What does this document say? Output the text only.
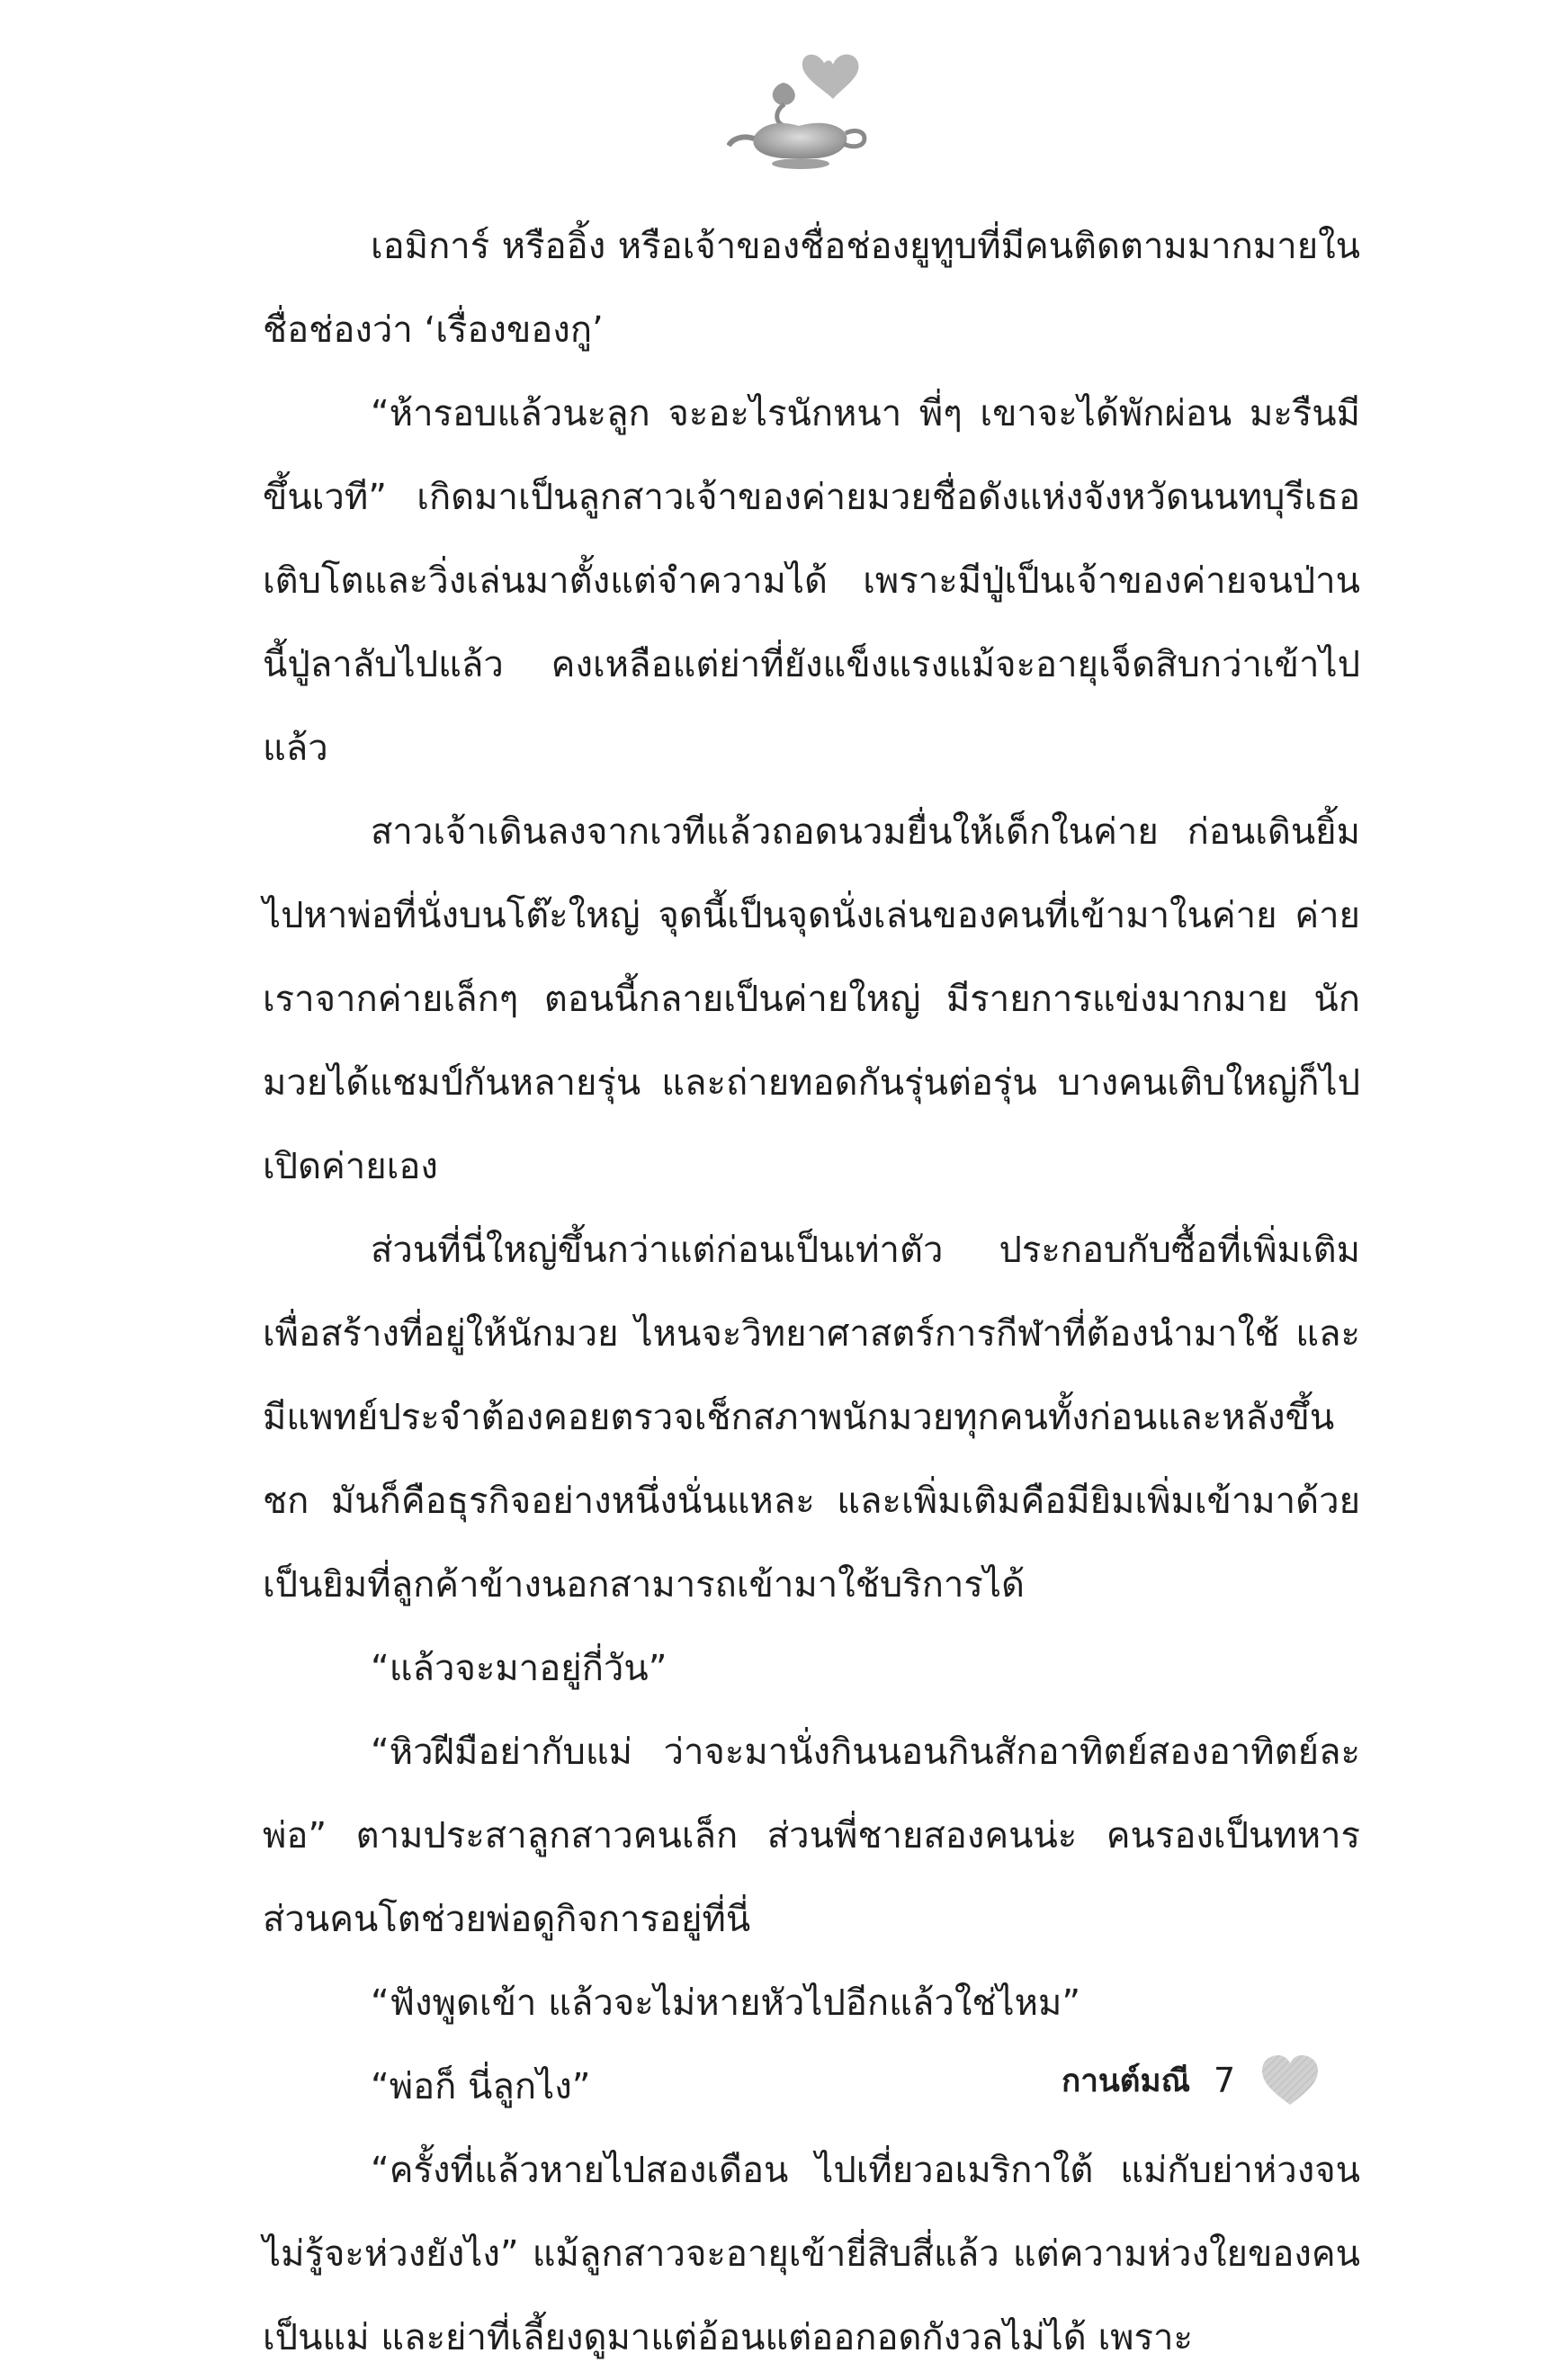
เอมิการ์ หรืออิ้ง หรือเจ้าของชื่อช่องยูทูบที่มีคนติดตามมากมายในชื่อช่องว่า ‘เรื่องของกู’

“ห้ารอบแล้วนะลูก จะอะไรนักหนา พี่ๆ เขาจะได้พักผ่อน มะรืนมีขึ้นเวที” เกิดมาเป็นลูกสาวเจ้าของค่ายมวยชื่อดังแห่งจังหวัดนนทบุรีเธอเติบโตและวิ่งเล่นมาตั้งแต่จำความได้ เพราะมีปู่เป็นเจ้าของค่ายจนป่านนี้ปู่ลาลับไปแล้ว คงเหลือแต่ย่าที่ยังแข็งแรงแม้จะอายุเจ็ดสิบกว่าเข้าไปแล้ว

สาวเจ้าเดินลงจากเวทีแล้วถอดนวมยื่นให้เด็กในค่าย ก่อนเดินยิ้มไปหาพ่อที่นั่งบนโต๊ะใหญ่ จุดนี้เป็นจุดนั่งเล่นของคนที่เข้ามาในค่าย ค่ายเราจากค่ายเล็กๆ ตอนนี้กลายเป็นค่ายใหญ่ มีรายการแข่งมากมาย นักมวยได้แชมป์กันหลายรุ่น และถ่ายทอดกันรุ่นต่อรุ่น บางคนเติบใหญ่ก็ไปเปิดค่ายเอง

ส่วนที่นี่ใหญ่ขึ้นกว่าแต่ก่อนเป็นเท่าตัว ประกอบกับซื้อที่เพิ่มเติมเพื่อสร้างที่อยู่ให้นักมวย ไหนจะวิทยาศาสตร์การกีฬาที่ต้องนำมาใช้ และมีแพทย์ประจำต้องคอยตรวจเช็กสภาพนักมวยทุกคนทั้งก่อนและหลังขึ้นชก มันก็คือธุรกิจอย่างหนึ่งนั่นแหละ และเพิ่มเติมคือมียิมเพิ่มเข้ามาด้วย เป็นยิมที่ลูกค้าข้างนอกสามารถเข้ามาใช้บริการได้

“แล้วจะมาอยู่กี่วัน”

“หิวฝีมือย่ากับแม่ ว่าจะมานั่งกินนอนกินสักอาทิตย์สองอาทิตย์ละพ่อ” ตามประสาลูกสาวคนเล็ก ส่วนพี่ชายสองคนน่ะ คนรองเป็นทหาร ส่วนคนโตช่วยพ่อดูกิจการอยู่ที่นี่

“ฟังพูดเข้า แล้วจะไม่หายหัวไปอีกแล้วใช่ไหม”

“พ่อก็ นี่ลูกไง”

“ครั้งที่แล้วหายไปสองเดือน ไปเที่ยวอเมริกาใต้ แม่กับย่าห่วงจนไม่รู้จะห่วงยังไง” แม้ลูกสาวจะอายุเข้ายี่สิบสี่แล้ว แต่ความห่วงใยของคนเป็นแม่ และย่าที่เลี้ยงดูมาแต่อ้อนแต่ออกอดกังวลไม่ได้ เพราะ

กานต์มณี 7
